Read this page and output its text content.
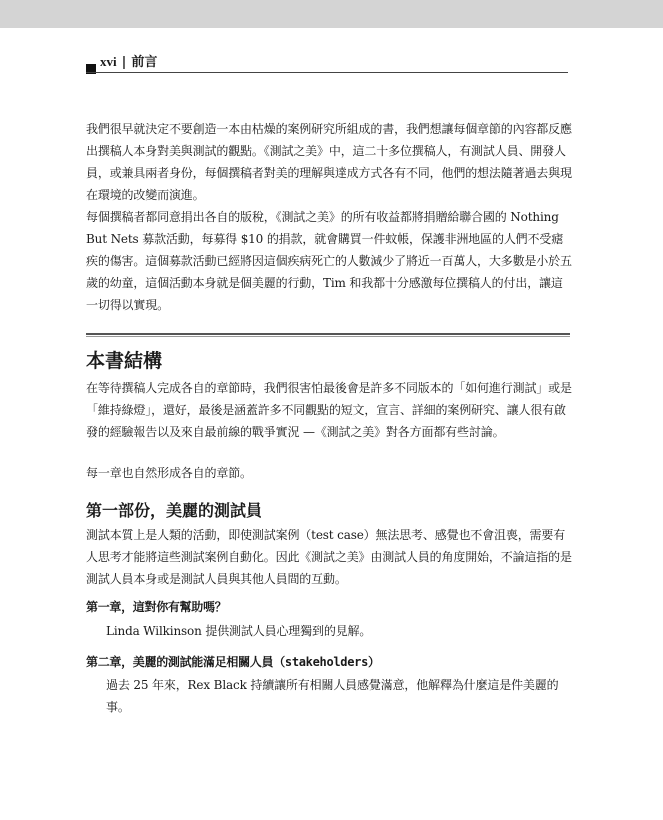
xvi | 前言
我們很早就決定不要創造一本由枯燥的案例研究所組成的書，我們想讓每個章節的內容都反應出撰稿人本身對美與測試的觀點。《測試之美》中，這二十多位撰稿人，有測試人員、開發人員，或兼具兩者身份，每個撰稿者對美的理解與達成方式各有不同，他們的想法隨著過去與現在環境的改變而演進。
每個撰稿者都同意捐出各自的版稅，《測試之美》的所有收益都將捐贈給聯合國的 Nothing But Nets 募款活動，每募得 $10 的捐款，就會購買一件蚊帳，保護非洲地區的人們不受瘧疾的傷害。這個募款活動已經將因這個疾病死亡的人數減少了將近一百萬人，大多數是小於五歲的幼童，這個活動本身就是個美麗的行動，Tim 和我都十分感激每位撰稿人的付出，讓這一切得以實現。
本書結構
在等待撰稿人完成各自的章節時，我們很害怕最後會是許多不同版本的「如何進行測試」或是「維持綠燈」，還好，最後是涵蓋許多不同觀點的短文，宣言、詳細的案例研究、讓人很有啟發的經驗報告以及來自最前線的戰爭實況 —《測試之美》對各方面都有些討論。
每一章也自然形成各自的章節。
第一部份，美麗的測試員
測試本質上是人類的活動，即使測試案例（test case）無法思考、感覺也不會沮喪，需要有人思考才能將這些測試案例自動化。因此《測試之美》由測試人員的角度開始，不論這指的是測試人員本身或是測試人員與其他人員間的互動。
第一章，這對你有幫助嗎？
Linda Wilkinson 提供測試人員心理獨到的見解。
第二章，美麗的測試能滿足相關人員（stakeholders）
過去 25 年來，Rex Black 持續讓所有相關人員感覺滿意，他解釋為什麼這是件美麗的事。
